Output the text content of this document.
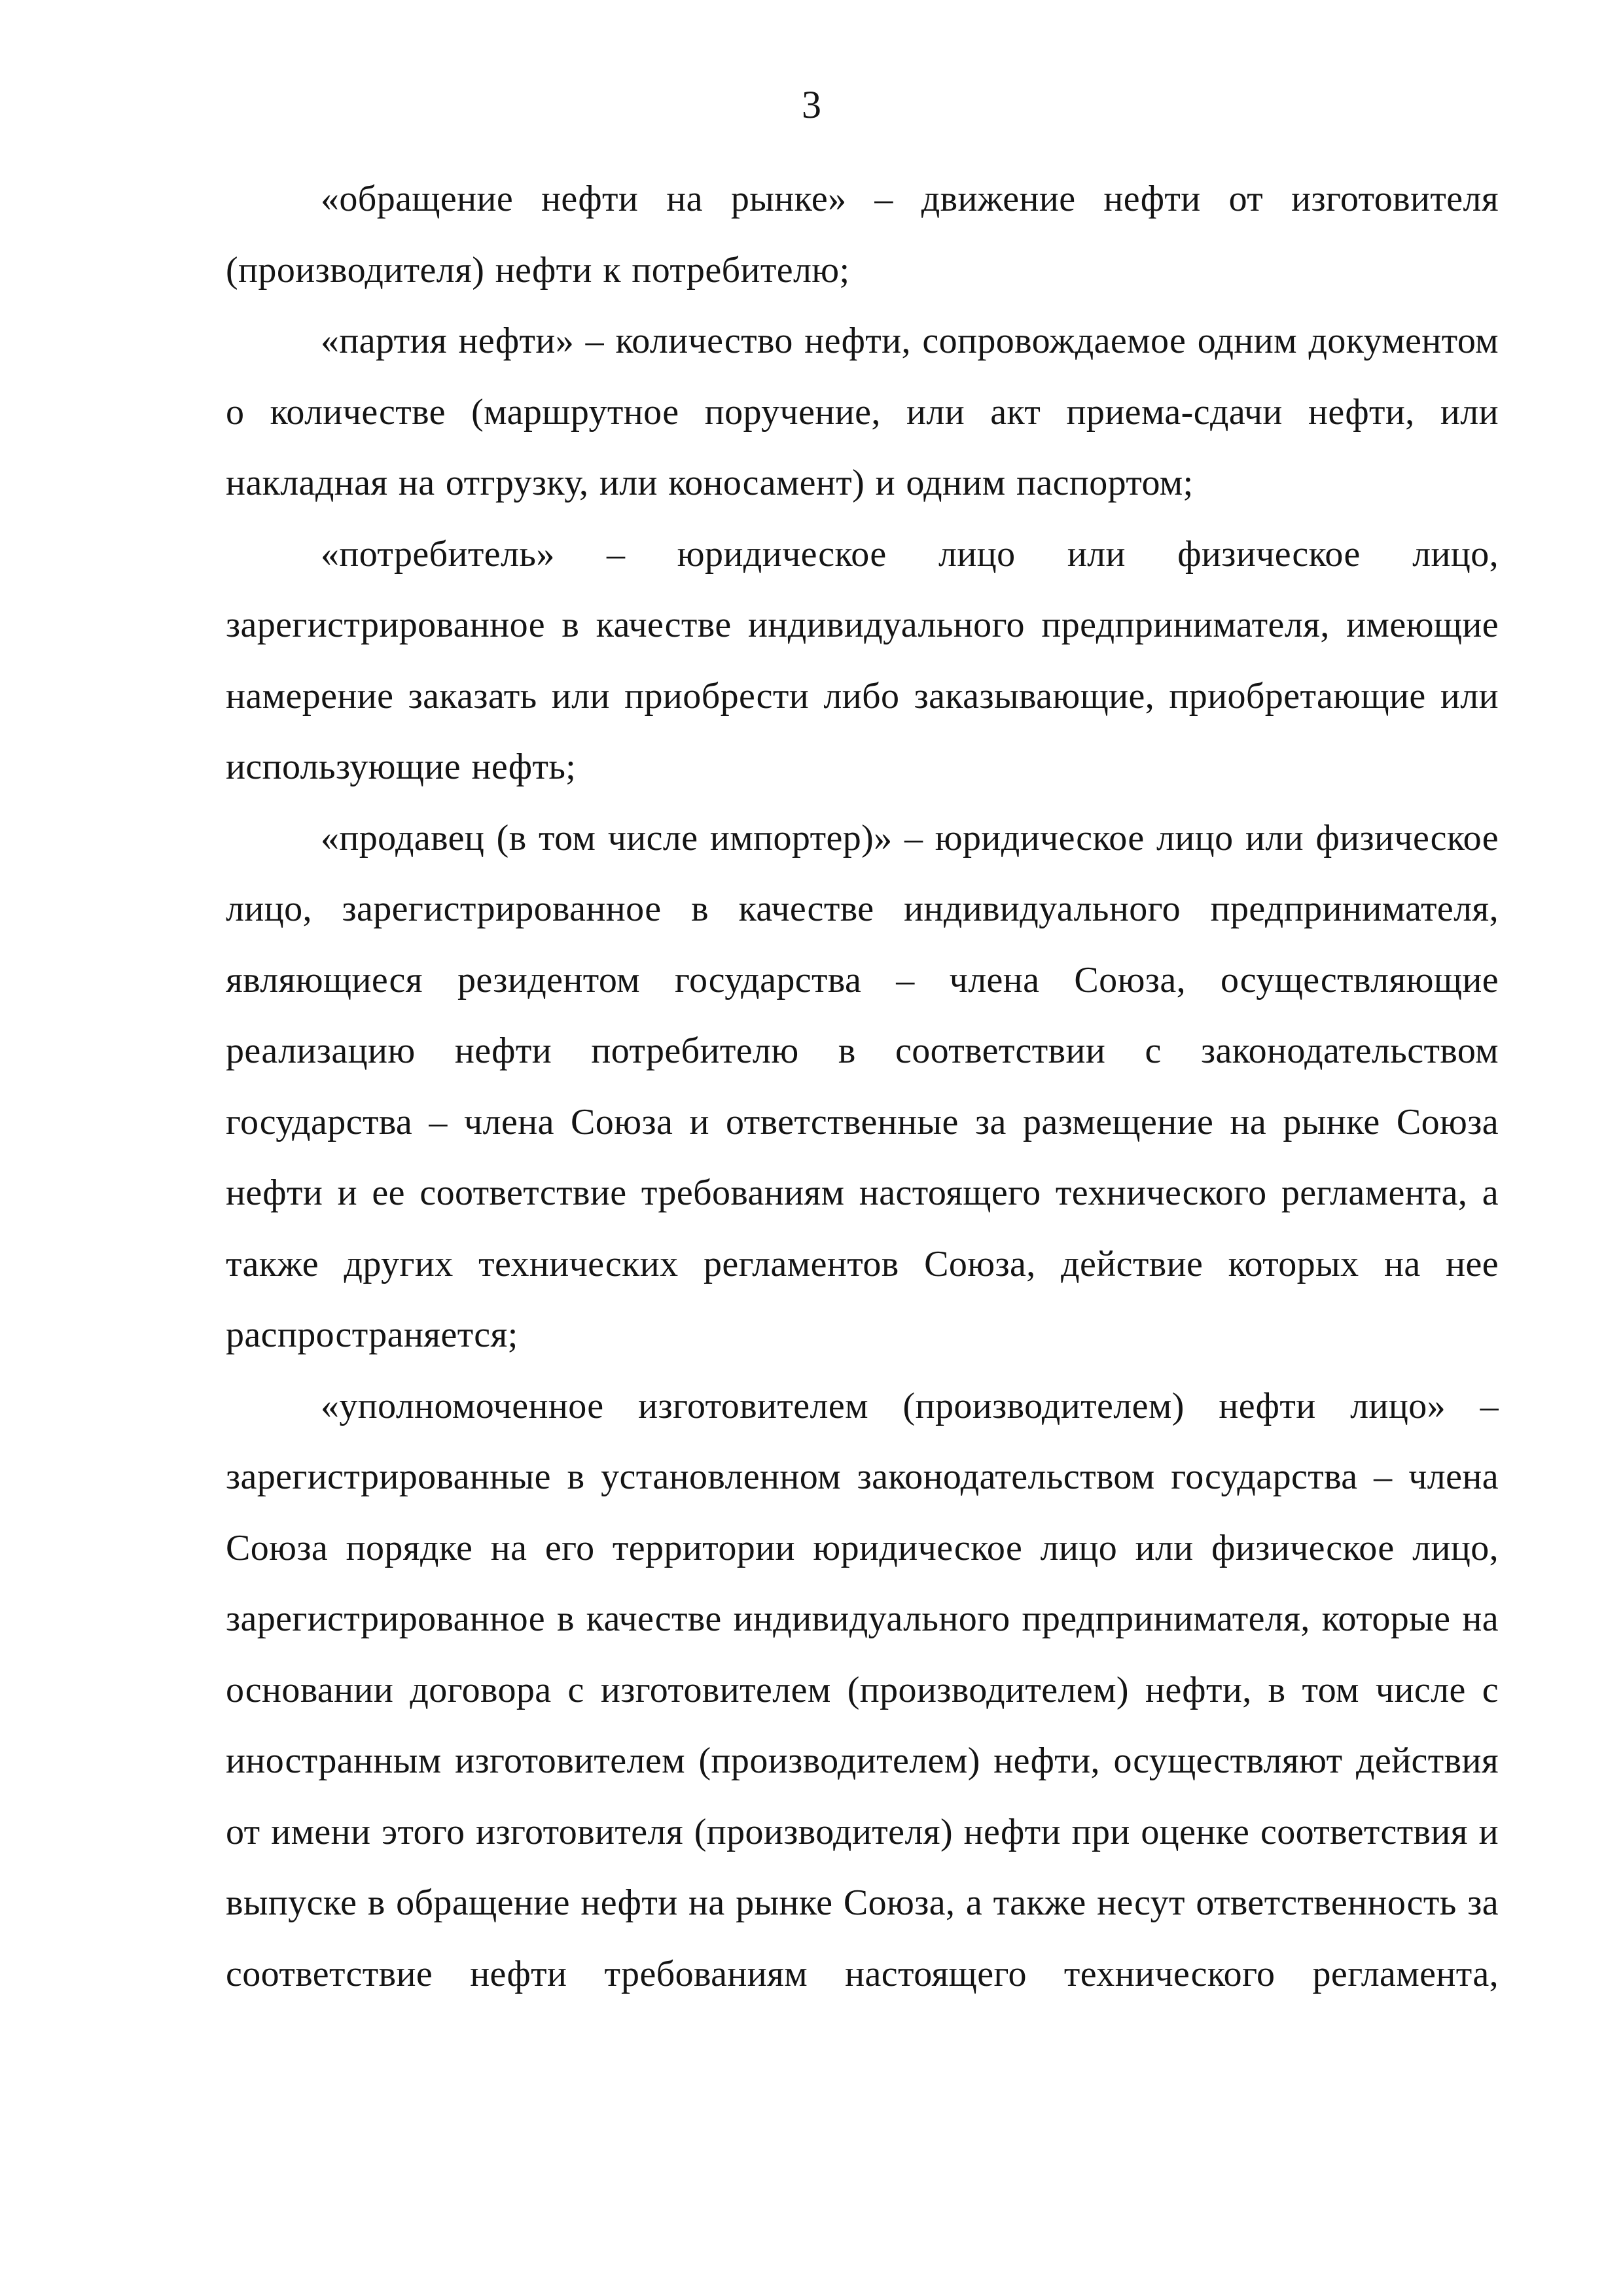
3

«обращение нефти на рынке» – движение нефти от изготовителя (производителя) нефти к потребителю;

«партия нефти» – количество нефти, сопровождаемое одним документом о количестве (маршрутное поручение, или акт приема-сдачи нефти, или накладная на отгрузку, или коносамент) и одним паспортом;

«потребитель» – юридическое лицо или физическое лицо, зарегистрированное в качестве индивидуального предпринимателя, имеющие намерение заказать или приобрести либо заказывающие, приобретающие или использующие нефть;

«продавец (в том числе импортер)» – юридическое лицо или физическое лицо, зарегистрированное в качестве индивидуального предпринимателя, являющиеся резидентом государства – члена Союза, осуществляющие реализацию нефти потребителю в соответствии с законодательством государства – члена Союза и ответственные за размещение на рынке Союза нефти и ее соответствие требованиям настоящего технического регламента, а также других технических регламентов Союза, действие которых на нее распространяется;

«уполномоченное изготовителем (производителем) нефти лицо» – зарегистрированные в установленном законодательством государства – члена Союза порядке на его территории юридическое лицо или физическое лицо, зарегистрированное в качестве индивидуального предпринимателя, которые на основании договора с изготовителем (производителем) нефти, в том числе с иностранным изготовителем (производителем) нефти, осуществляют действия от имени этого изготовителя (производителя) нефти при оценке соответствия и выпуске в обращение нефти на рынке Союза, а также несут ответственность за соответствие нефти требованиям настоящего технического регламента,
